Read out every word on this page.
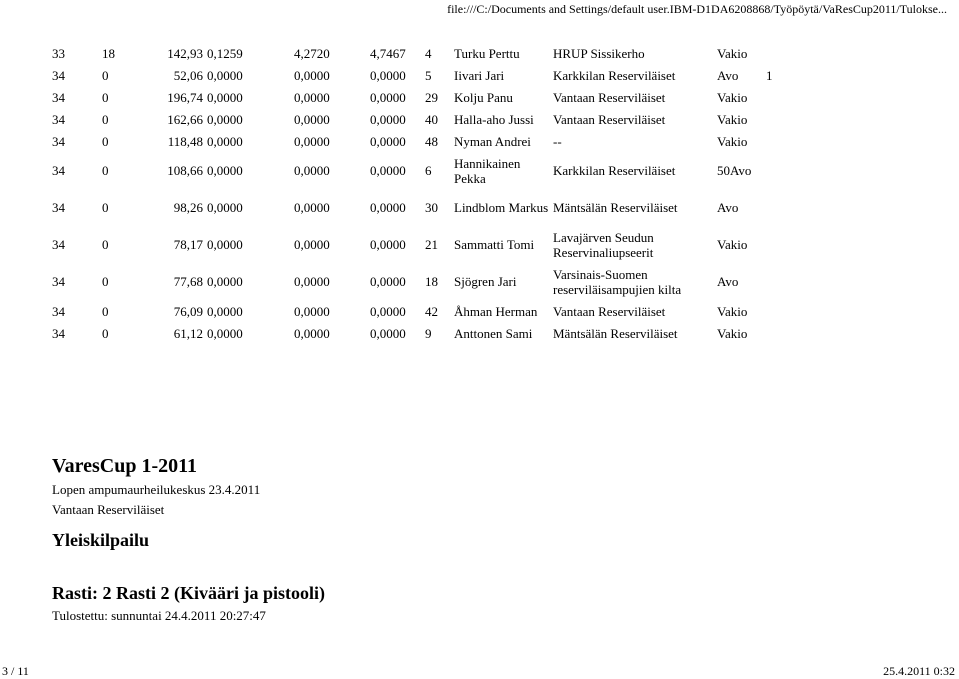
file:///C:/Documents and Settings/default user.IBM-D1DA6208868/Työpöytä/VaResCup2011/Tulokse...
33	18	142,93	0,1259	4,2720	4,7467	4	Turku Perttu	HRUP Sissikerho	Vakio	
34	0	52,06	0,0000	0,0000	0,0000	5	Iivari Jari	Karkkilan Reserviläiset	Avo	1
34	0	196,74	0,0000	0,0000	0,0000	29	Kolju Panu	Vantaan Reserviläiset	Vakio	
34	0	162,66	0,0000	0,0000	0,0000	40	Halla-aho Jussi	Vantaan Reserviläiset	Vakio	
34	0	118,48	0,0000	0,0000	0,0000	48	Nyman Andrei	--	Vakio	
34	0	108,66	0,0000	0,0000	0,0000	6	Hannikainen Pekka	Karkkilan Reserviläiset	50Avo	
34	0	98,26	0,0000	0,0000	0,0000	30	Lindblom Markus	Mäntsälän Reserviläiset	Avo	
34	0	78,17	0,0000	0,0000	0,0000	21	Sammatti Tomi	Lavajärven Seudun Reservinaliupseerit	Vakio	
34	0	77,68	0,0000	0,0000	0,0000	18	Sjögren Jari	Varsinais-Suomen reserviläisampujien kilta	Avo	
34	0	76,09	0,0000	0,0000	0,0000	42	Åhman Herman	Vantaan Reserviläiset	Vakio	
34	0	61,12	0,0000	0,0000	0,0000	9	Anttonen Sami	Mäntsälän Reserviläiset	Vakio	
VaresCup 1-2011
Lopen ampumaurheilukeskus 23.4.2011
Vantaan Reserviläiset
Yleiskilpailu
Rasti: 2 Rasti 2 (Kivääri ja pistooli)
Tulostettu: sunnuntai 24.4.2011 20:27:47
3 / 11	25.4.2011 0:32
